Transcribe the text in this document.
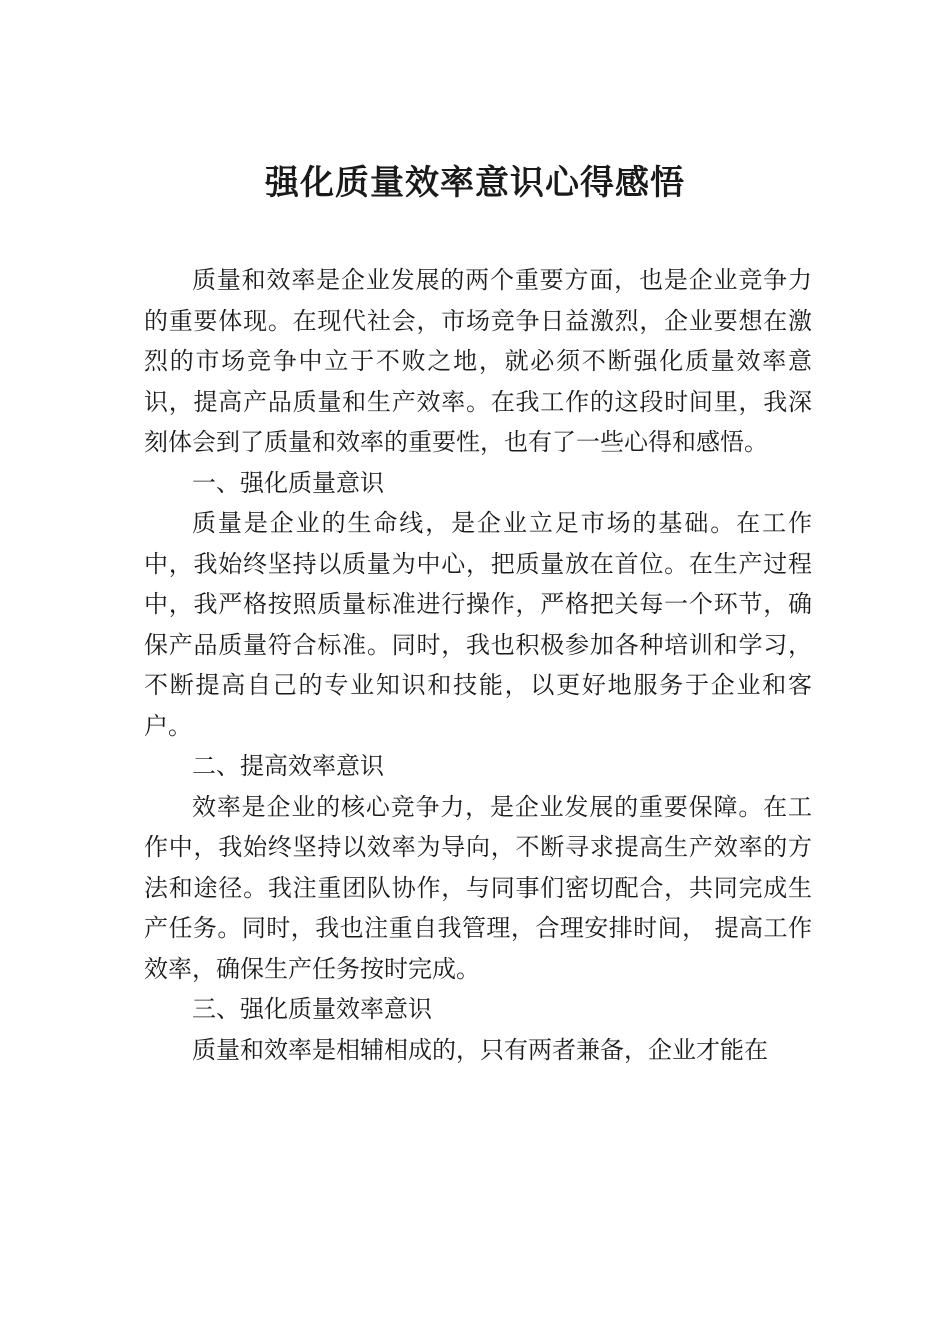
强化质量效率意识心得感悟

质量和效率是企业发展的两个重要方面，也是企业竞争力的重要体现。在现代社会，市场竞争日益激烈，企业要想在激烈的市场竞争中立于不败之地，就必须不断强化质量效率意识，提高产品质量和生产效率。在我工作的这段时间里，我深刻体会到了质量和效率的重要性，也有了一些心得和感悟。

一、强化质量意识

质量是企业的生命线，是企业立足市场的基础。在工作中，我始终坚持以质量为中心，把质量放在首位。在生产过程中，我严格按照质量标准进行操作，严格把关每一个环节，确保产品质量符合标准。同时，我也积极参加各种培训和学习，不断提高自己的专业知识和技能，以更好地服务于企业和客户。

二、提高效率意识

效率是企业的核心竞争力，是企业发展的重要保障。在工作中，我始终坚持以效率为导向，不断寻求提高生产效率的方法和途径。我注重团队协作，与同事们密切配合，共同完成生产任务。同时，我也注重自我管理，合理安排时间， 提高工作效率，确保生产任务按时完成。

三、强化质量效率意识

质量和效率是相辅相成的，只有两者兼备，企业才能在
